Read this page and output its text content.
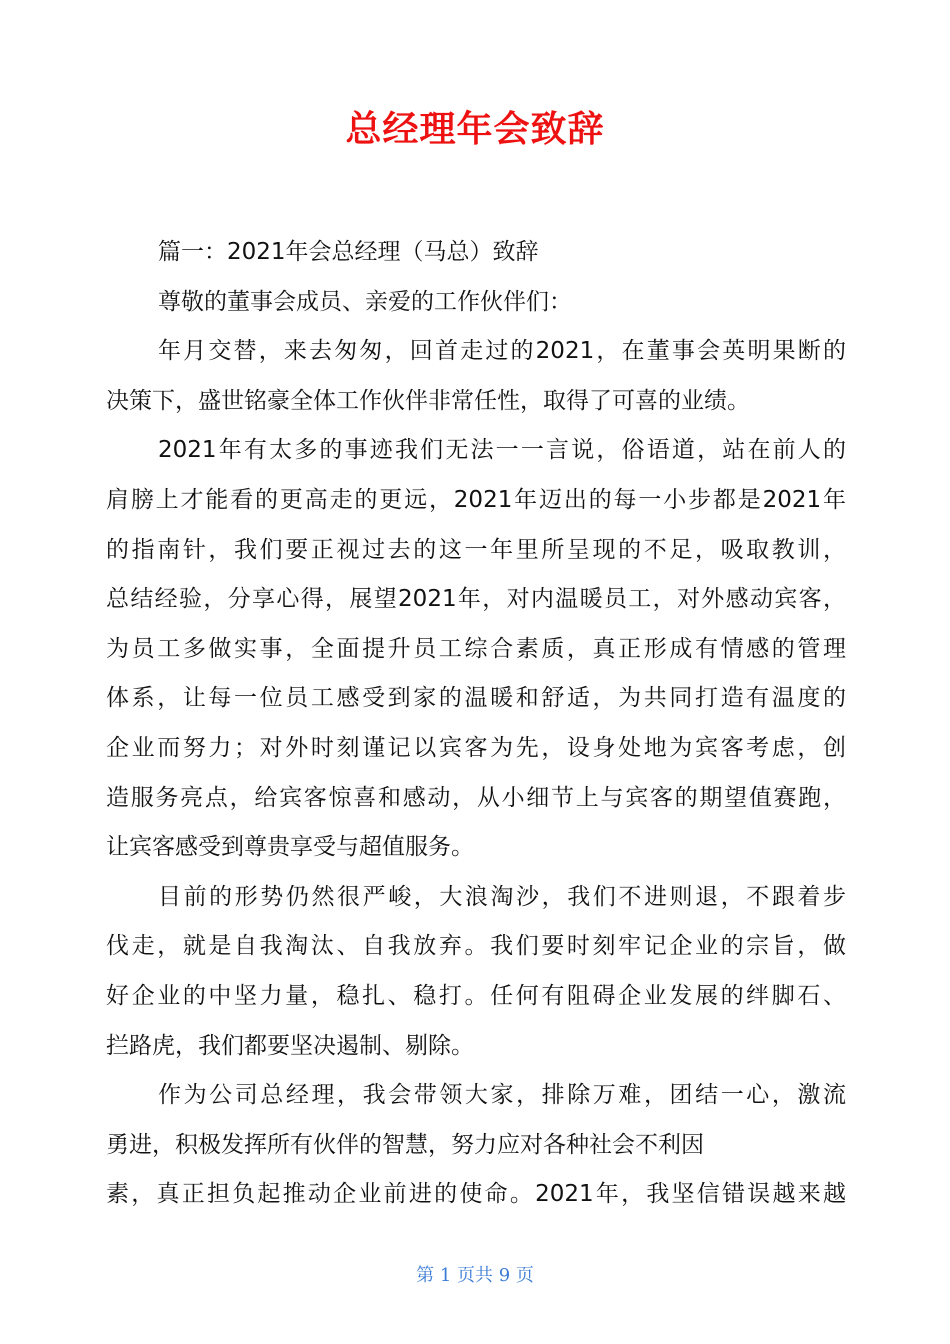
总经理年会致辞
篇一：2021年会总经理（马总）致辞
尊敬的董事会成员、亲爱的工作伙伴们：
年月交替，来去匆匆，回首走过的2021，在董事会英明果断的
决策下，盛世铭豪全体工作伙伴非常任性，取得了可喜的业绩。
2021年有太多的事迹我们无法一一言说，俗语道，站在前人的
肩膀上才能看的更高走的更远，2021年迈出的每一小步都是2021年
的指南针，我们要正视过去的这一年里所呈现的不足，吸取教训，
总结经验，分享心得，展望2021年，对内温暖员工，对外感动宾客，
为员工多做实事，全面提升员工综合素质，真正形成有情感的管理
体系，让每一位员工感受到家的温暖和舒适，为共同打造有温度的
企业而努力；对外时刻谨记以宾客为先，设身处地为宾客考虑，创
造服务亮点，给宾客惊喜和感动，从小细节上与宾客的期望值赛跑，
让宾客感受到尊贵享受与超值服务。
目前的形势仍然很严峻，大浪淘沙，我们不进则退，不跟着步
伐走，就是自我淘汰、自我放弃。我们要时刻牢记企业的宗旨，做
好企业的中坚力量，稳扎、稳打。任何有阻碍企业发展的绊脚石、
拦路虎，我们都要坚决遏制、剔除。
作为公司总经理，我会带领大家，排除万难，团结一心，激流
勇进，积极发挥所有伙伴的智慧，努力应对各种社会不利因
素，真正担负起推动企业前进的使命。2021年，我坚信错误越来越
第 1 页共 9 页
